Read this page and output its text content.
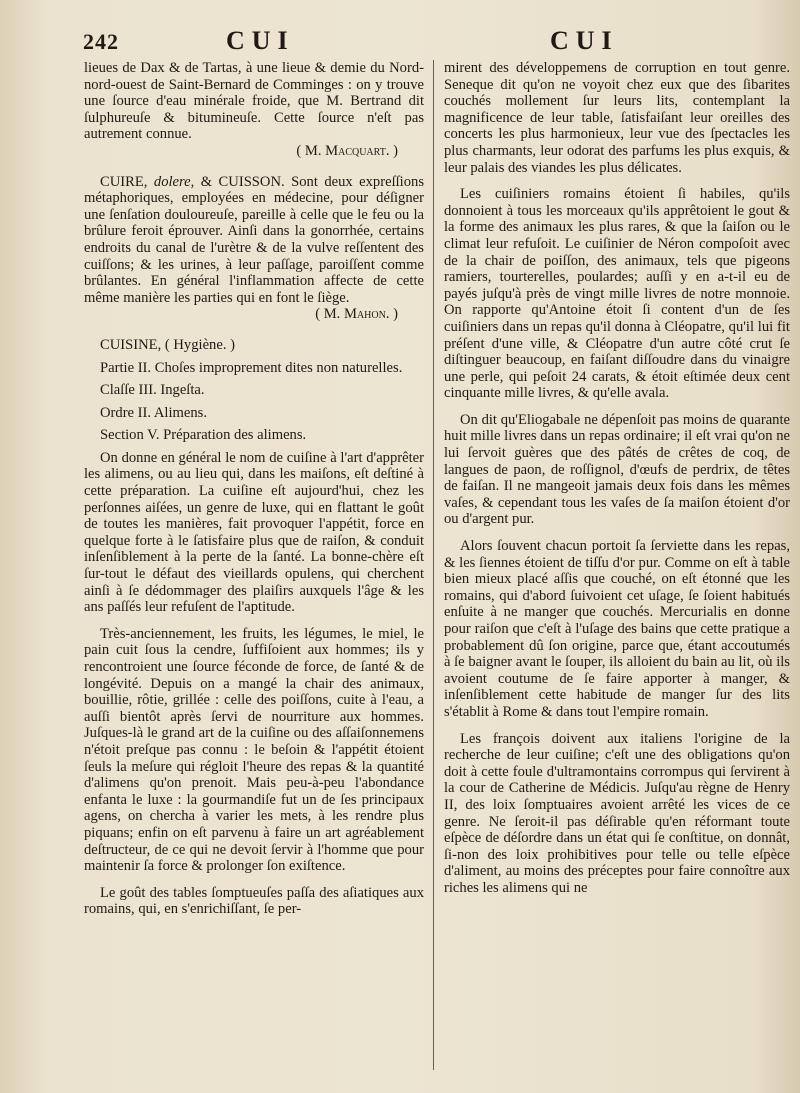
242	CUI	CUI

lieues de Dax & de Tartas, à une lieue & demie du Nord-nord-ouest de Saint-Bernard de Comminges : on y trouve une ſource d'eau minérale froide, que M. Bertrand dit ſulphureuſe & bitumineuſe. Cette ſource n'eſt pas autrement connue.
( M. Macquart. )

CUIRE, dolere, & CUISSON. Sont deux expreſſions métaphoriques, employées en médecine, pour déſigner une ſenſation douloureuſe, pareille à celle que le feu ou la brûlure feroit éprouver. Ainſi dans la gonorrhée, certains endroits du canal de l'urètre & de la vulve reſſentent des cuiſſons; & les urines, à leur paſſage, paroiſſent comme brûlantes. En général l'inflammation affecte de cette même manière les parties qui en font le ſiège.
( M. Mahon. )

CUISINE, ( Hygiène. )

Partie II. Choſes improprement dites non naturelles.

Claſſe III. Ingeſta.

Ordre II. Alimens.

Section V. Préparation des alimens.

On donne en général le nom de cuiſine à l'art d'apprêter les alimens, ou au lieu qui, dans les maiſons, eſt deſtiné à cette préparation. La cuiſine eſt aujourd'hui, chez les perſonnes aiſées, un genre de luxe, qui en flattant le goût de toutes les manières, fait provoquer l'appétit, force en quelque forte à le ſatisfaire plus que de raiſon, & conduit inſenſiblement à la perte de la ſanté. La bonne-chère eſt ſur-tout le défaut des vieillards opulens, qui cherchent ainſi à ſe dédommager des plaiſirs auxquels l'âge & les ans paſſés leur refuſent de l'aptitude.

Très-anciennement, les fruits, les légumes, le miel, le pain cuit ſous la cendre, ſuffiſoient aux hommes; ils y rencontroient une ſource féconde de force, de ſanté & de longévité. Depuis on a mangé la chair des animaux, bouillie, rôtie, grillée : celle des poiſſons, cuite à l'eau, a auſſi bientôt après ſervi de nourriture aux hommes. Juſques-là le grand art de la cuiſine ou des aſſaiſonnemens n'étoit preſque pas connu : le beſoin & l'appétit étoient ſeuls la meſure qui régloit l'heure des repas & la quantité d'alimens qu'on prenoit. Mais peu-à-peu l'abondance enfanta le luxe : la gourmandiſe fut un de ſes principaux agens, on chercha à varier les mets, à les rendre plus piquans; enfin on eſt parvenu à faire un art agréablement deſtructeur, de ce qui ne devoit ſervir à l'homme que pour maintenir ſa force & prolonger ſon exiſtence.

Le goût des tables ſomptueuſes paſſa des aſiatiques aux romains, qui, en s'enrichiſſant, ſe per-

mirent des développemens de corruption en tout genre. Seneque dit qu'on ne voyoit chez eux que des ſibarites couchés mollement ſur leurs lits, contemplant la magnificence de leur table, ſatisfaiſant leur oreilles des concerts les plus harmonieux, leur vue des ſpectacles les plus charmants, leur odorat des parfums les plus exquis, & leur palais des viandes les plus délicates.

Les cuiſiniers romains étoient ſi habiles, qu'ils donnoient à tous les morceaux qu'ils apprêtoient le gout & la forme des animaux les plus rares, & que la ſaiſon ou le climat leur refuſoit. Le cuiſinier de Néron compoſoit avec de la chair de poiſſon, des animaux, tels que pigeons ramiers, tourterelles, poulardes; auſſi y en a-t-il eu de payés juſqu'à près de vingt mille livres de notre monnoie. On rapporte qu'Antoine étoit ſi content d'un de ſes cuiſiniers dans un repas qu'il donna à Cléopatre, qu'il lui fit préſent d'une ville, & Cléopatre d'un autre côté crut ſe diſtinguer beaucoup, en faiſant diſſoudre dans du vinaigre une perle, qui peſoit 24 carats, & étoit eſtimée deux cent cinquante mille livres, & qu'elle avala.

On dit qu'Eliogabale ne dépenſoit pas moins de quarante huit mille livres dans un repas ordinaire; il eſt vrai qu'on ne lui ſervoit guères que des pâtés de crêtes de coq, de langues de paon, de roſſignol, d'œufs de perdrix, de têtes de faiſan. Il ne mangeoit jamais deux fois dans les mêmes vaſes, & cependant tous les vaſes de ſa maiſon étoient d'or ou d'argent pur.

Alors ſouvent chacun portoit ſa ſerviette dans les repas, & les ſiennes étoient de tiſſu d'or pur. Comme on eſt à table bien mieux placé aſſis que couché, on eſt étonné que les romains, qui d'abord ſuivoient cet uſage, ſe ſoient habitués enſuite à ne manger que couchés. Mercurialis en donne pour raiſon que c'eſt à l'uſage des bains que cette pratique a probablement dû ſon origine, parce que, étant accoutumés à ſe baigner avant le ſouper, ils alloient du bain au lit, où ils avoient coutume de ſe faire apporter à manger, & inſenſiblement cette habitude de manger ſur des lits s'établit à Rome & dans tout l'empire romain.

Les françois doivent aux italiens l'origine de la recherche de leur cuiſine; c'eſt une des obligations qu'on doit à cette foule d'ultramontains corrompus qui ſervirent à la cour de Catherine de Médicis. Juſqu'au règne de Henry II, des loix ſomptuaires avoient arrêté les vices de ce genre. Ne ſeroit-il pas déſirable qu'en réformant toute eſpèce de déſordre dans un état qui ſe conſtitue, on donnât, ſi-non des loix prohibitives pour telle ou telle eſpèce d'aliment, au moins des préceptes pour faire connoître aux riches les alimens qui ne
